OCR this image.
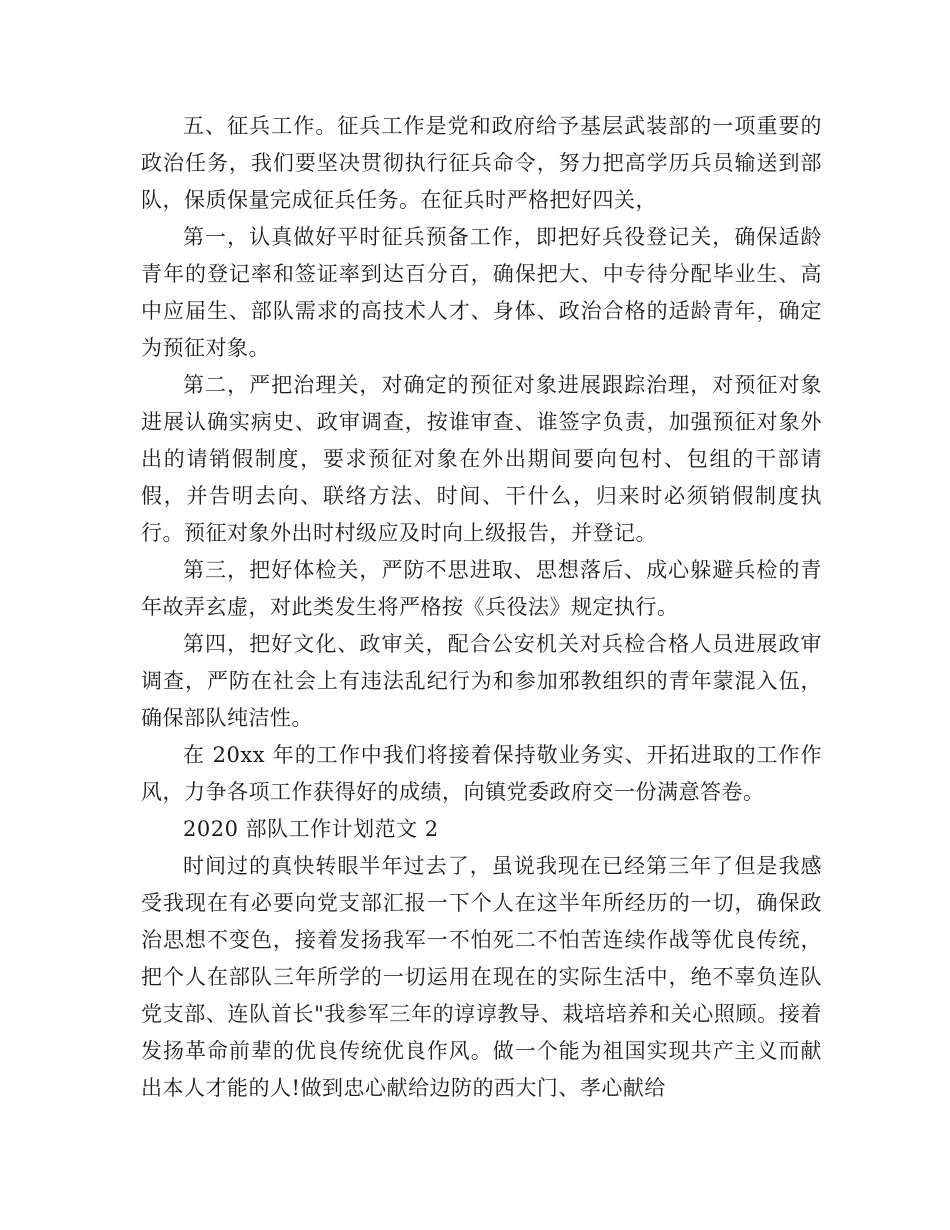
五、征兵工作。征兵工作是党和政府给予基层武装部的一项重要的政治任务，我们要坚决贯彻执行征兵命令，努力把高学历兵员输送到部队，保质保量完成征兵任务。在征兵时严格把好四关，

第一，认真做好平时征兵预备工作，即把好兵役登记关，确保适龄青年的登记率和签证率到达百分百，确保把大、中专待分配毕业生、高中应届生、部队需求的高技术人才、身体、政治合格的适龄青年，确定为预征对象。

第二，严把治理关，对确定的预征对象进展跟踪治理，对预征对象进展认确实病史、政审调查，按谁审查、谁签字负责，加强预征对象外出的请销假制度，要求预征对象在外出期间要向包村、包组的干部请假，并告明去向、联络方法、时间、干什么，归来时必须销假制度执行。预征对象外出时村级应及时向上级报告，并登记。

第三，把好体检关，严防不思进取、思想落后、成心躲避兵检的青年故弄玄虚，对此类发生将严格按《兵役法》规定执行。

第四，把好文化、政审关，配合公安机关对兵检合格人员进展政审调查，严防在社会上有违法乱纪行为和参加邪教组织的青年蒙混入伍，确保部队纯洁性。

在 20xx 年的工作中我们将接着保持敬业务实、开拓进取的工作作风，力争各项工作获得好的成绩，向镇党委政府交一份满意答卷。

2020 部队工作计划范文 2

时间过的真快转眼半年过去了，虽说我现在已经第三年了但是我感受我现在有必要向党支部汇报一下个人在这半年所经历的一切，确保政治思想不变色，接着发扬我军一不怕死二不怕苦连续作战等优良传统，把个人在部队三年所学的一切运用在现在的实际生活中，绝不辜负连队党支部、连队首长"我参军三年的谆谆教导、栽培培养和关心照顾。接着发扬革命前辈的优良传统优良作风。做一个能为祖国实现共产主义而献出本人才能的人!做到忠心献给边防的西大门、孝心献给
